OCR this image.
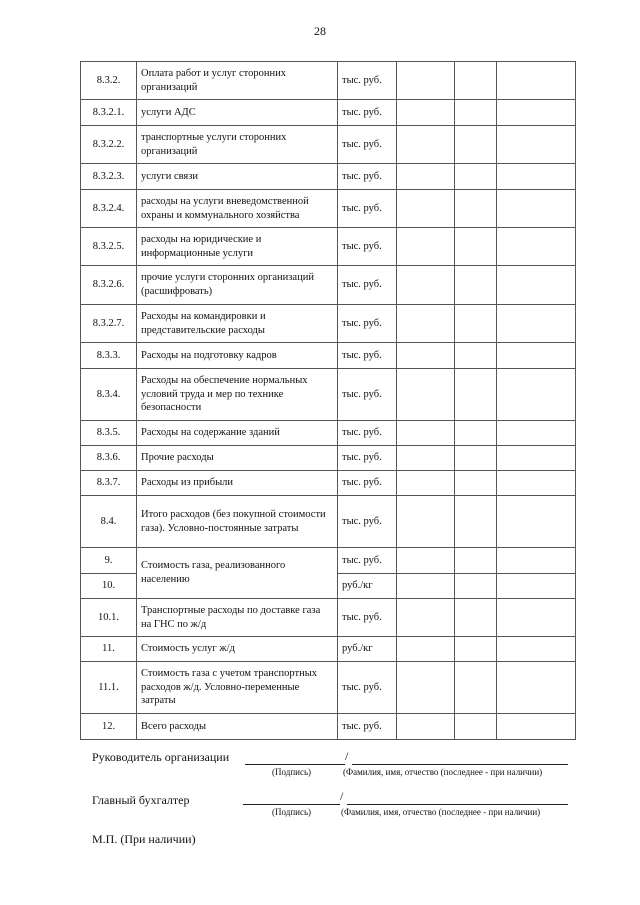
28
8.3.2.	Оплата работ и услуг сторонних организаций	тыс. руб.			
8.3.2.1.	услуги АДС	тыс. руб.			
8.3.2.2.	транспортные услуги сторонних организаций	тыс. руб.			
8.3.2.3.	услуги связи	тыс. руб.			
8.3.2.4.	расходы на услуги вневедомственной охраны и коммунального хозяйства	тыс. руб.			
8.3.2.5.	расходы на юридические и информационные услуги	тыс. руб.			
8.3.2.6.	прочие услуги сторонних организаций (расшифровать)	тыс. руб.			
8.3.2.7.	Расходы на командировки и представительские расходы	тыс. руб.			
8.3.3.	Расходы на подготовку кадров	тыс. руб.			
8.3.4.	Расходы на обеспечение нормальных условий труда и мер по технике безопасности	тыс. руб.			
8.3.5.	Расходы на содержание зданий	тыс. руб.			
8.3.6.	Прочие расходы	тыс. руб.			
8.3.7.	Расходы из прибыли	тыс. руб.			
8.4.	Итого расходов (без покупной стоимости газа). Условно-постоянные затраты	тыс. руб.			
9.	Стоимость газа, реализованного населению	тыс. руб.			
10.		руб./кг			
10.1.	Транспортные расходы по доставке газа на ГНС по ж/д	тыс. руб.			
11.	Стоимость услуг ж/д	руб./кг			
11.1.	Стоимость газа с учетом транспортных расходов ж/д. Условно-переменные затраты	тыс. руб.			
12.	Всего расходы	тыс. руб.			
Руководитель организации	/
(Подпись)	(Фамилия, имя, отчество (последнее - при наличии)
Главный бухгалтер	/
(Подпись)	(Фамилия, имя, отчество (последнее - при наличии)
М.П. (При наличии)
